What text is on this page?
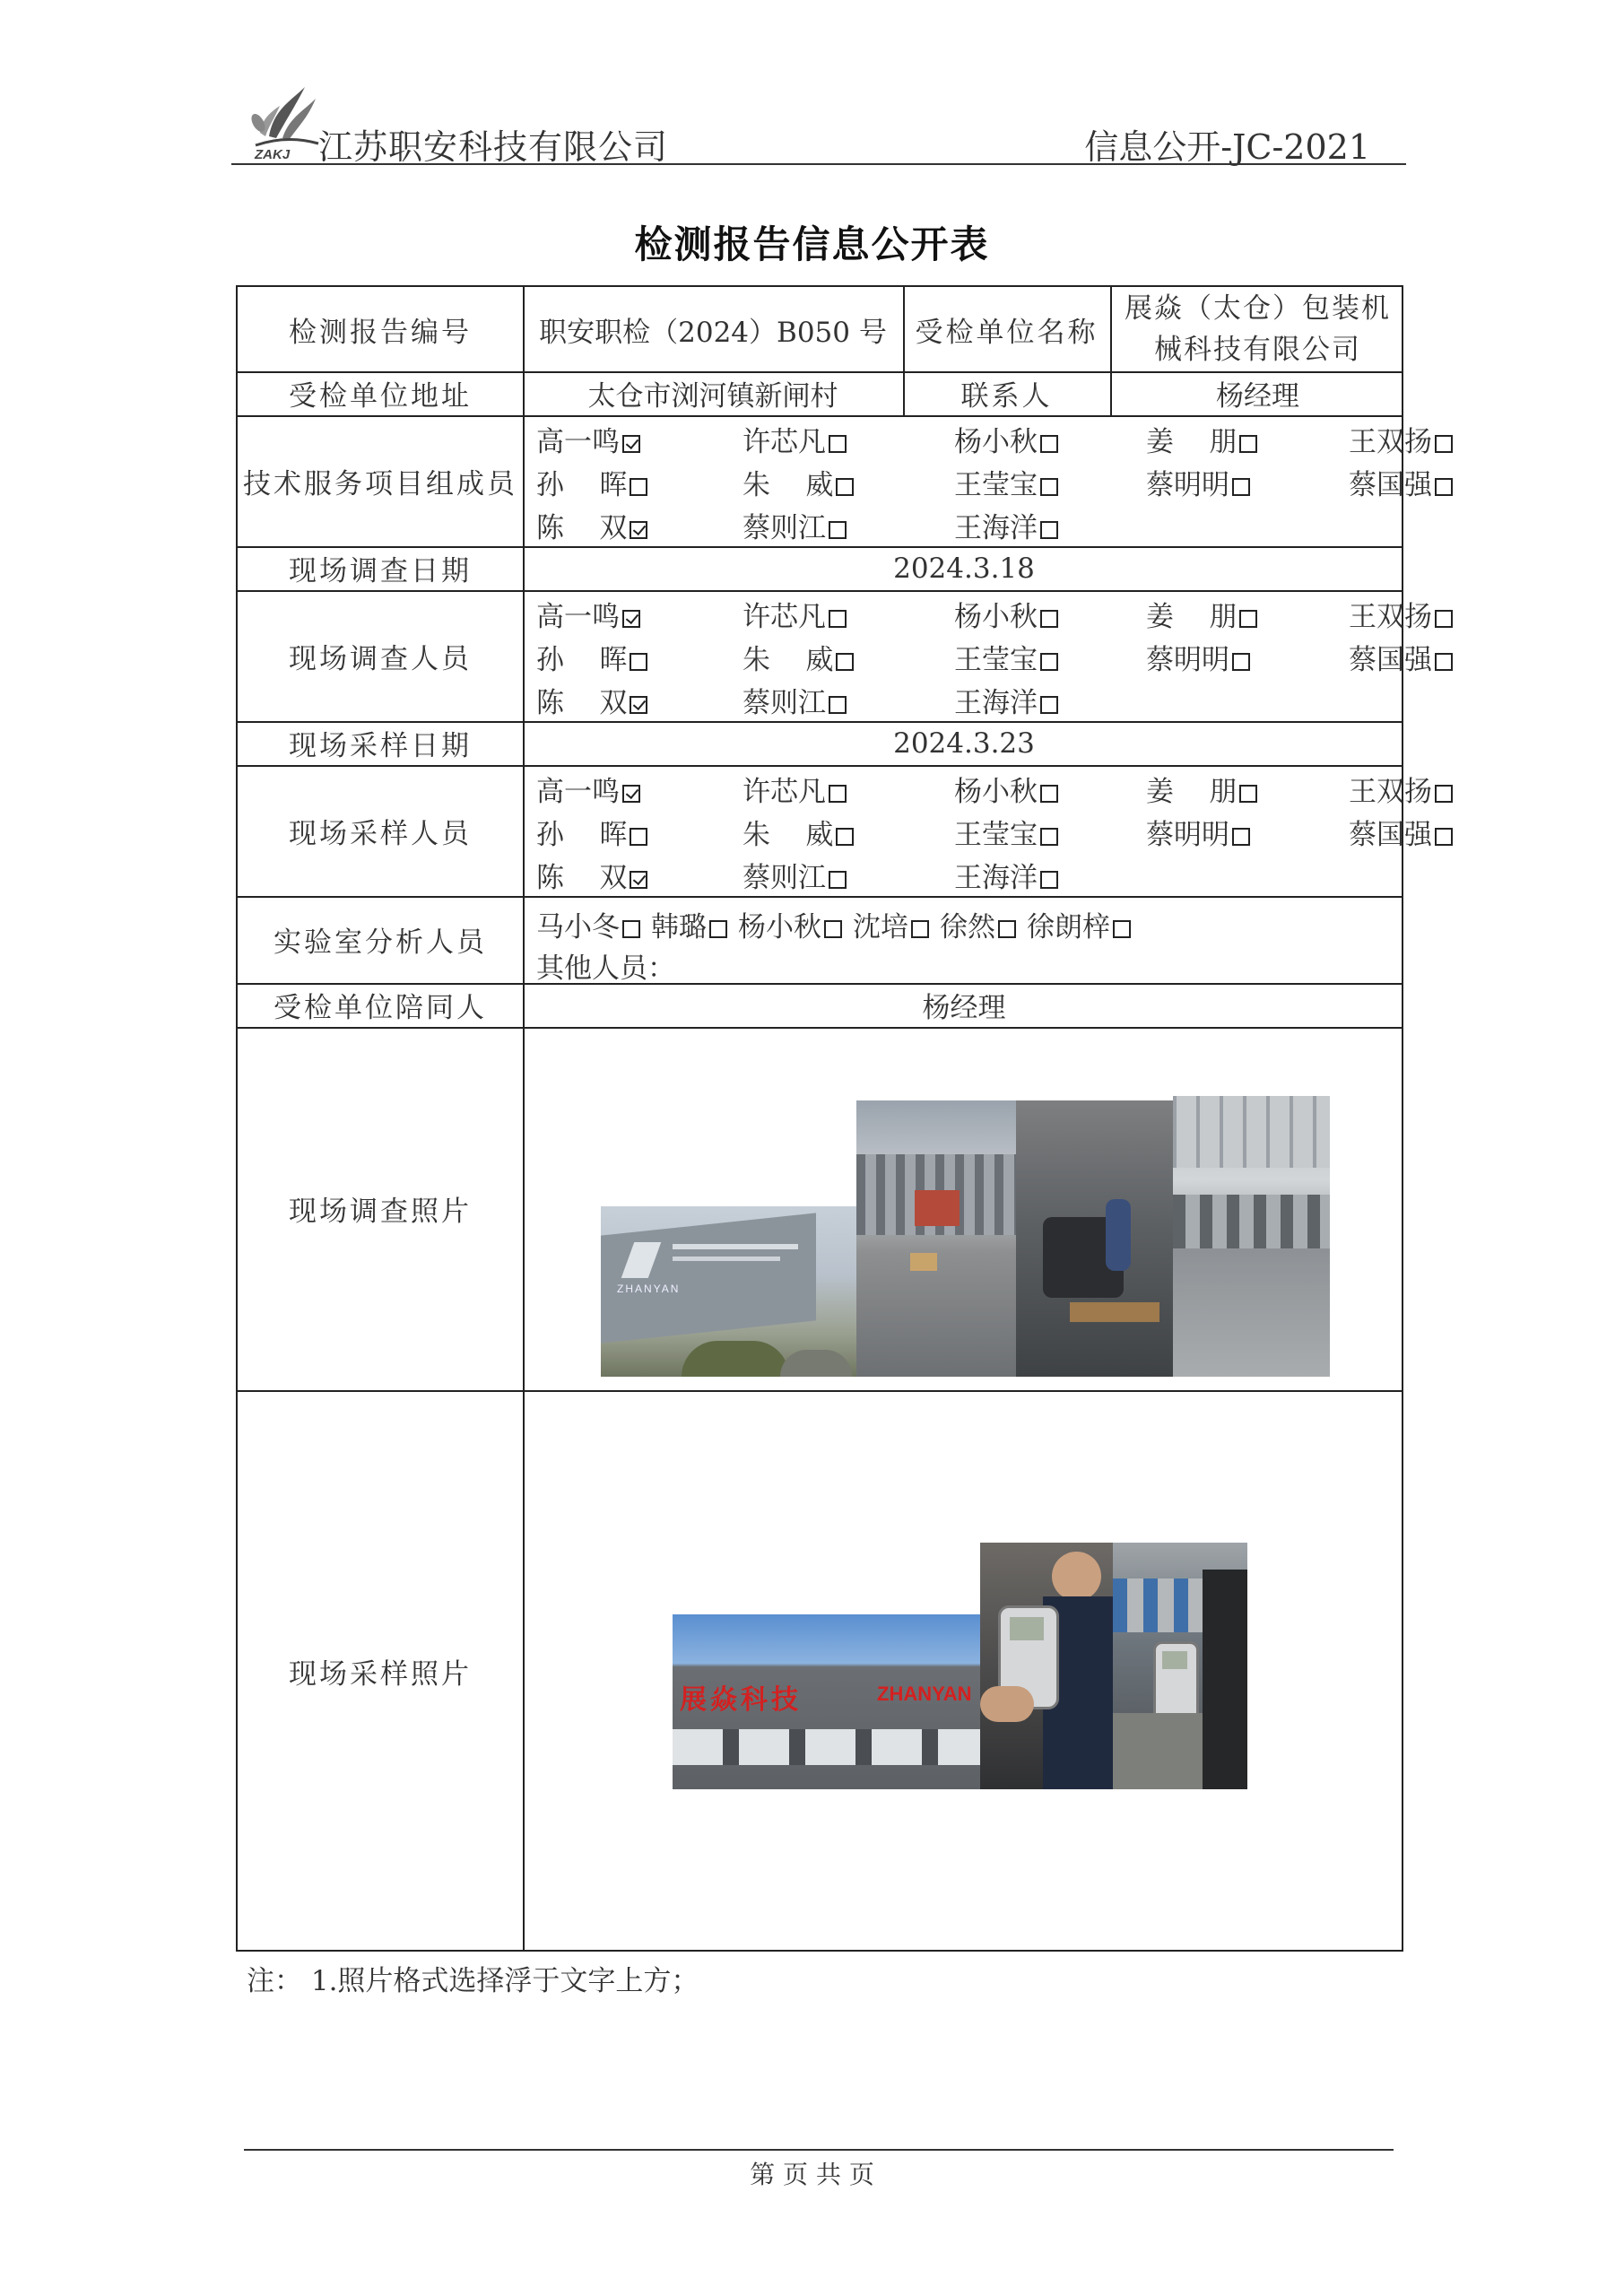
ZAKJ 江苏职安科技有限公司	信息公开-JC-2021
检测报告信息公开表
检测报告编号	职安职检（2024）B050 号	受检单位名称
展焱（太仓）包装机
械科技有限公司
受检单位地址	太仓市浏河镇新闸村	联系人	杨经理
技术服务项目组成员
高一鸣	许芯凡	杨小秋	姜    朋	王双扬
孙    晖	朱    威	王莹宝	蔡明明	蔡国强
陈    双	蔡则江	王海洋
现场调查日期	2024.3.18
现场调查人员
高一鸣	许芯凡	杨小秋	姜    朋	王双扬
孙    晖	朱    威	王莹宝	蔡明明	蔡国强
陈    双	蔡则江	王海洋
现场采样日期	2024.3.23
现场采样人员
高一鸣	许芯凡	杨小秋	姜    朋	王双扬
孙    晖	朱    威	王莹宝	蔡明明	蔡国强
陈    双	蔡则江	王海洋
实验室分析人员	马小冬 韩璐 杨小秋 沈培 徐然 徐朗梓
其他人员：
受检单位陪同人	杨经理
现场调查照片
ZHANYAN
现场采样照片
展焱科技	ZHANYAN
注： 1.照片格式选择浮于文字上方；
第 页 共 页
